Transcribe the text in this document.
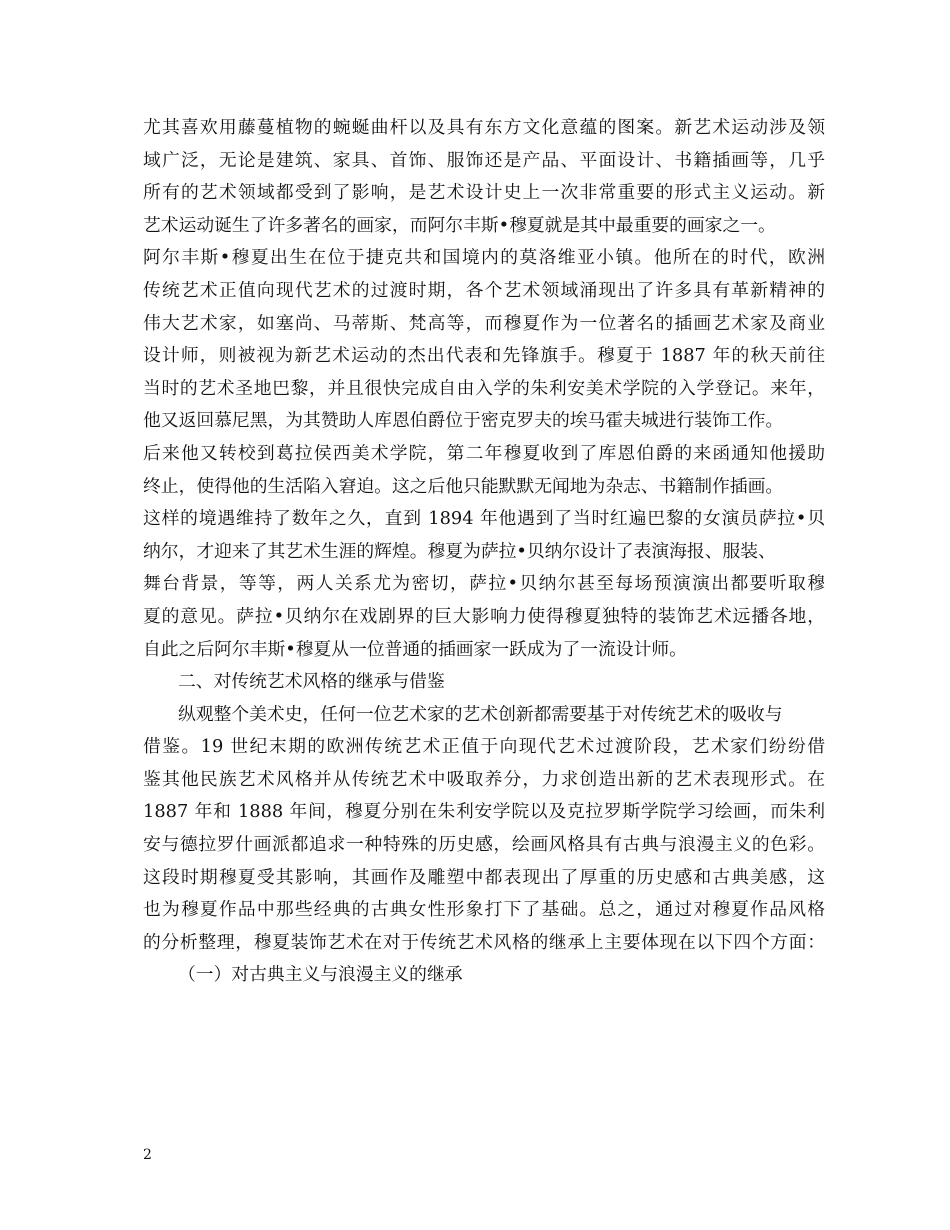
尤其喜欢用藤蔓植物的蜿蜒曲杆以及具有东方文化意蕴的图案。新艺术运动涉及领
域广泛，无论是建筑、家具、首饰、服饰还是产品、平面设计、书籍插画等，几乎
所有的艺术领域都受到了影响，是艺术设计史上一次非常重要的形式主义运动。新
艺术运动诞生了许多著名的画家，而阿尔丰斯•穆夏就是其中最重要的画家之一。
阿尔丰斯•穆夏出生在位于捷克共和国境内的莫洛维亚小镇。他所在的时代，欧洲
传统艺术正值向现代艺术的过渡时期，各个艺术领域涌现出了许多具有革新精神的
伟大艺术家，如塞尚、马蒂斯、梵高等，而穆夏作为一位著名的插画艺术家及商业
设计师，则被视为新艺术运动的杰出代表和先锋旗手。穆夏于 1887 年的秋天前往
当时的艺术圣地巴黎，并且很快完成自由入学的朱利安美术学院的入学登记。来年，
他又返回慕尼黑，为其赞助人库恩伯爵位于密克罗夫的埃马霍夫城进行装饰工作。
后来他又转校到葛拉侯西美术学院，第二年穆夏收到了库恩伯爵的来函通知他援助
终止，使得他的生活陷入窘迫。这之后他只能默默无闻地为杂志、书籍制作插画。
这样的境遇维持了数年之久，直到 1894 年他遇到了当时红遍巴黎的女演员萨拉•贝
纳尔，才迎来了其艺术生涯的辉煌。穆夏为萨拉•贝纳尔设计了表演海报、服装、
舞台背景，等等，两人关系尤为密切，萨拉•贝纳尔甚至每场预演演出都要听取穆
夏的意见。萨拉•贝纳尔在戏剧界的巨大影响力使得穆夏独特的装饰艺术远播各地，
自此之后阿尔丰斯•穆夏从一位普通的插画家一跃成为了一流设计师。
二、对传统艺术风格的继承与借鉴
纵观整个美术史，任何一位艺术家的艺术创新都需要基于对传统艺术的吸收与
借鉴。19 世纪末期的欧洲传统艺术正值于向现代艺术过渡阶段，艺术家们纷纷借
鉴其他民族艺术风格并从传统艺术中吸取养分，力求创造出新的艺术表现形式。在
1887 年和 1888 年间，穆夏分别在朱利安学院以及克拉罗斯学院学习绘画，而朱利
安与德拉罗什画派都追求一种特殊的历史感，绘画风格具有古典与浪漫主义的色彩。
这段时期穆夏受其影响，其画作及雕塑中都表现出了厚重的历史感和古典美感，这
也为穆夏作品中那些经典的古典女性形象打下了基础。总之，通过对穆夏作品风格
的分析整理，穆夏装饰艺术在对于传统艺术风格的继承上主要体现在以下四个方面：
（一）对古典主义与浪漫主义的继承
2
